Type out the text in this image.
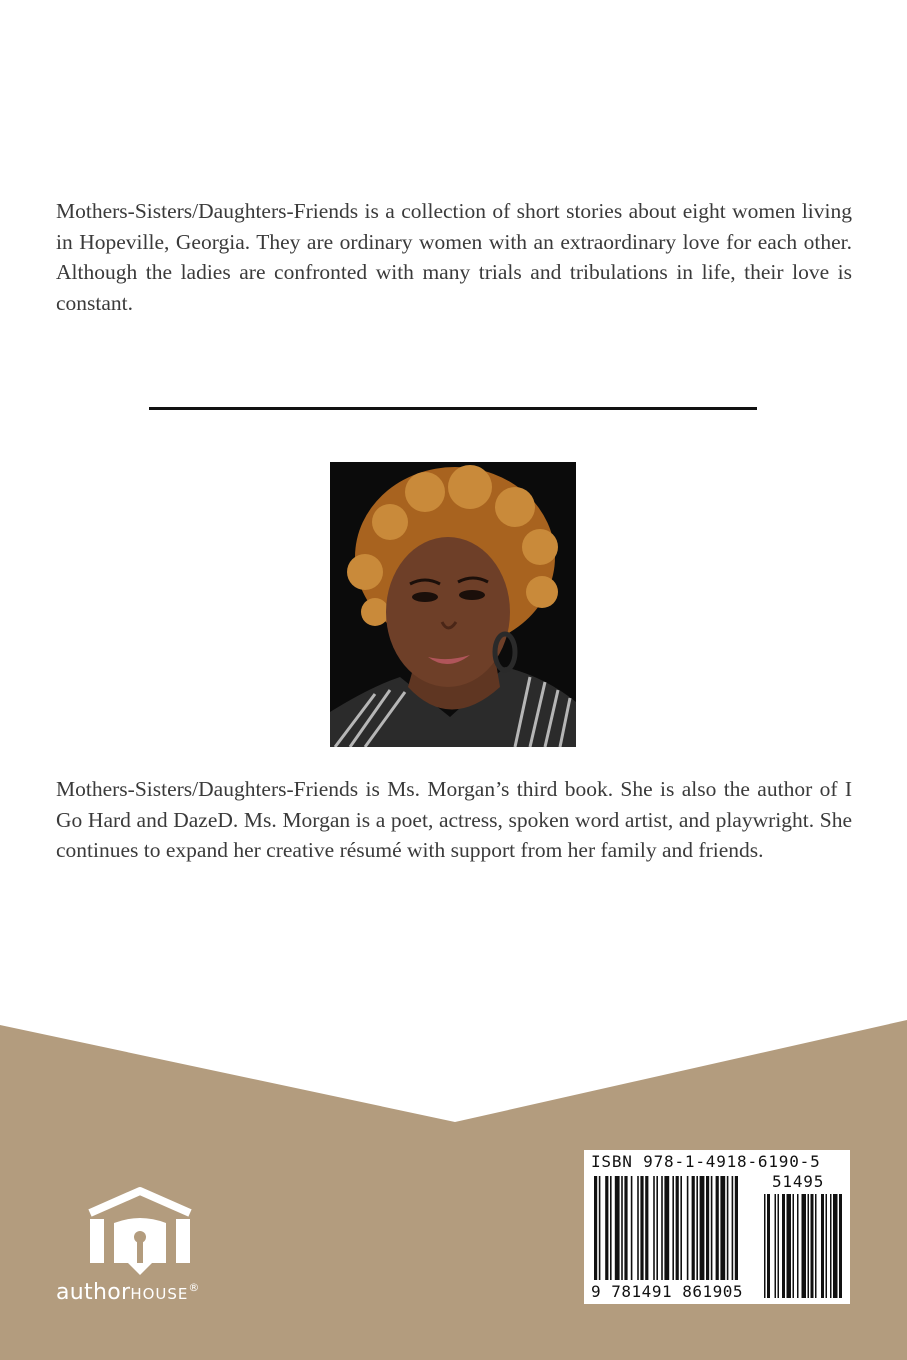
Mothers-Sisters/Daughters-Friends is a collection of short stories about eight women living in Hopeville, Georgia. They are ordinary women with an extraordinary love for each other. Although the ladies are confronted with many trials and tribulations in life, their love is constant.

Mothers-Sisters/Daughters-Friends is Ms. Morgan’s third book. She is also the author of I Go Hard and DazeD. Ms. Morgan is a poet, actress, spoken word artist, and playwright. She continues to expand her creative résumé with support from her family and friends.

authorHOUSE®
ISBN 978-1-4918-6190-5
51495
9 781491 861905
